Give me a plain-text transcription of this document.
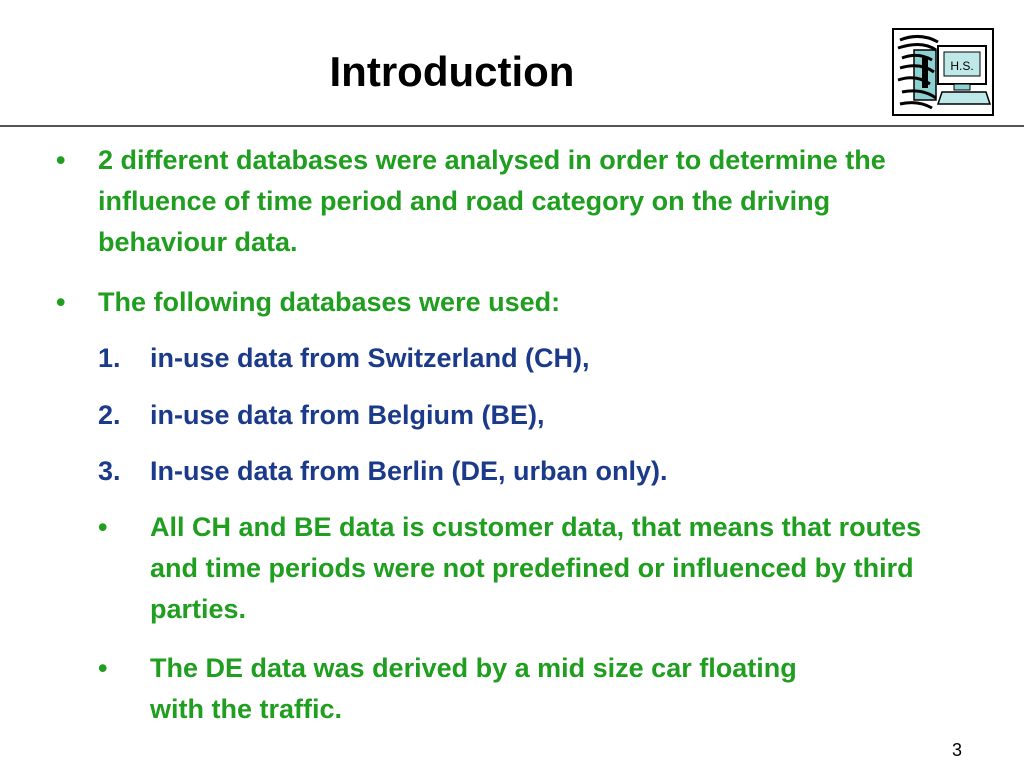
Introduction	H.S.
• 2 different databases were analysed in order to determine the influence of time period and road category on the driving behaviour data.
• The following databases were used:
1. in-use data from Switzerland (CH),
2. in-use data from Belgium (BE),
3. In-use data from Berlin (DE, urban only).
• All CH and BE data is customer data, that means that routes and time periods were not predefined or influenced by third parties.
• The DE data was derived by a mid size car floating with the traffic.
3
